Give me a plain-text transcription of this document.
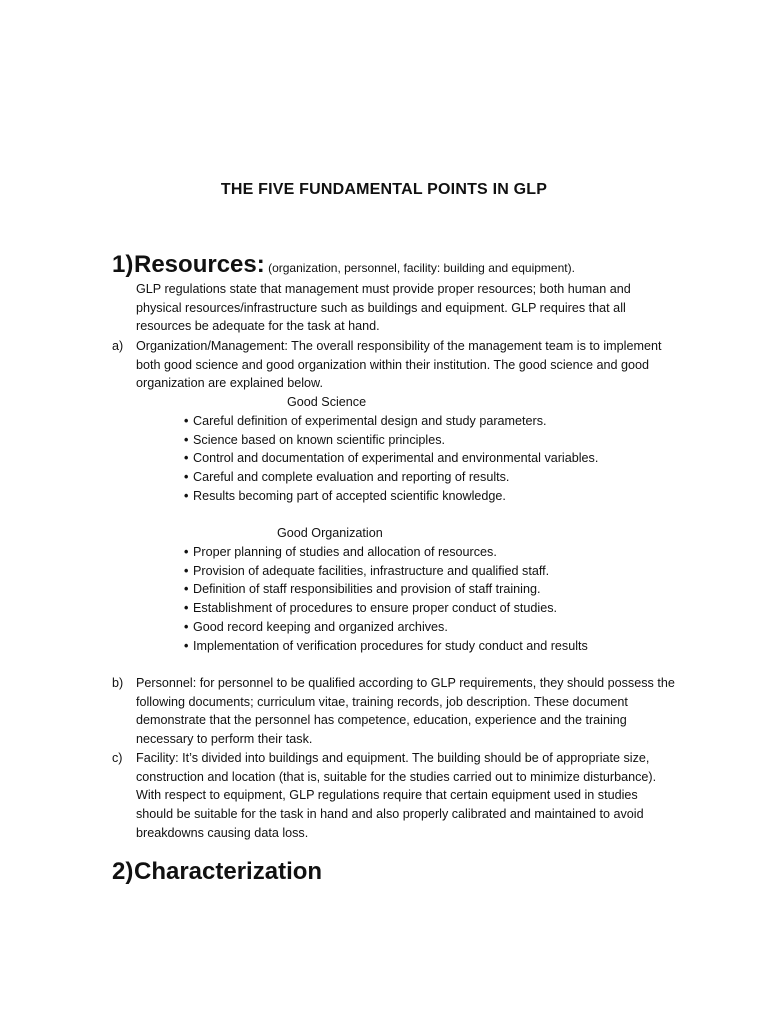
THE FIVE FUNDAMENTAL POINTS IN GLP
1)Resources: (organization, personnel, facility: building and equipment).
GLP regulations state that management must provide proper resources; both human and
physical resources/infrastructure such as buildings and equipment. GLP requires that all
resources be adequate for the task at hand.
a) Organization/Management: The overall responsibility of the management team is to implement
both good science and good organization within their institution. The good science and good
organization are explained below.
Good Science
• Careful definition of experimental design and study parameters.
• Science based on known scientific principles.
• Control and documentation of experimental and environmental variables.
• Careful and complete evaluation and reporting of results.
• Results becoming part of accepted scientific knowledge.
Good Organization
• Proper planning of studies and allocation of resources.
• Provision of adequate facilities, infrastructure and qualified staff.
• Definition of staff responsibilities and provision of staff training.
• Establishment of procedures to ensure proper conduct of studies.
• Good record keeping and organized archives.
• Implementation of verification procedures for study conduct and results
b) Personnel: for personnel to be qualified according to GLP requirements, they should possess the
following documents; curriculum vitae, training records, job description. These document
demonstrate that the personnel has competence, education, experience and the training
necessary to perform their task.
c) Facility: It’s divided into buildings and equipment. The building should be of appropriate size,
construction and location (that is, suitable for the studies carried out to minimize disturbance).
With respect to equipment, GLP regulations require that certain equipment used in studies
should be suitable for the task in hand and also properly calibrated and maintained to avoid
breakdowns causing data loss.
2)Characterization
